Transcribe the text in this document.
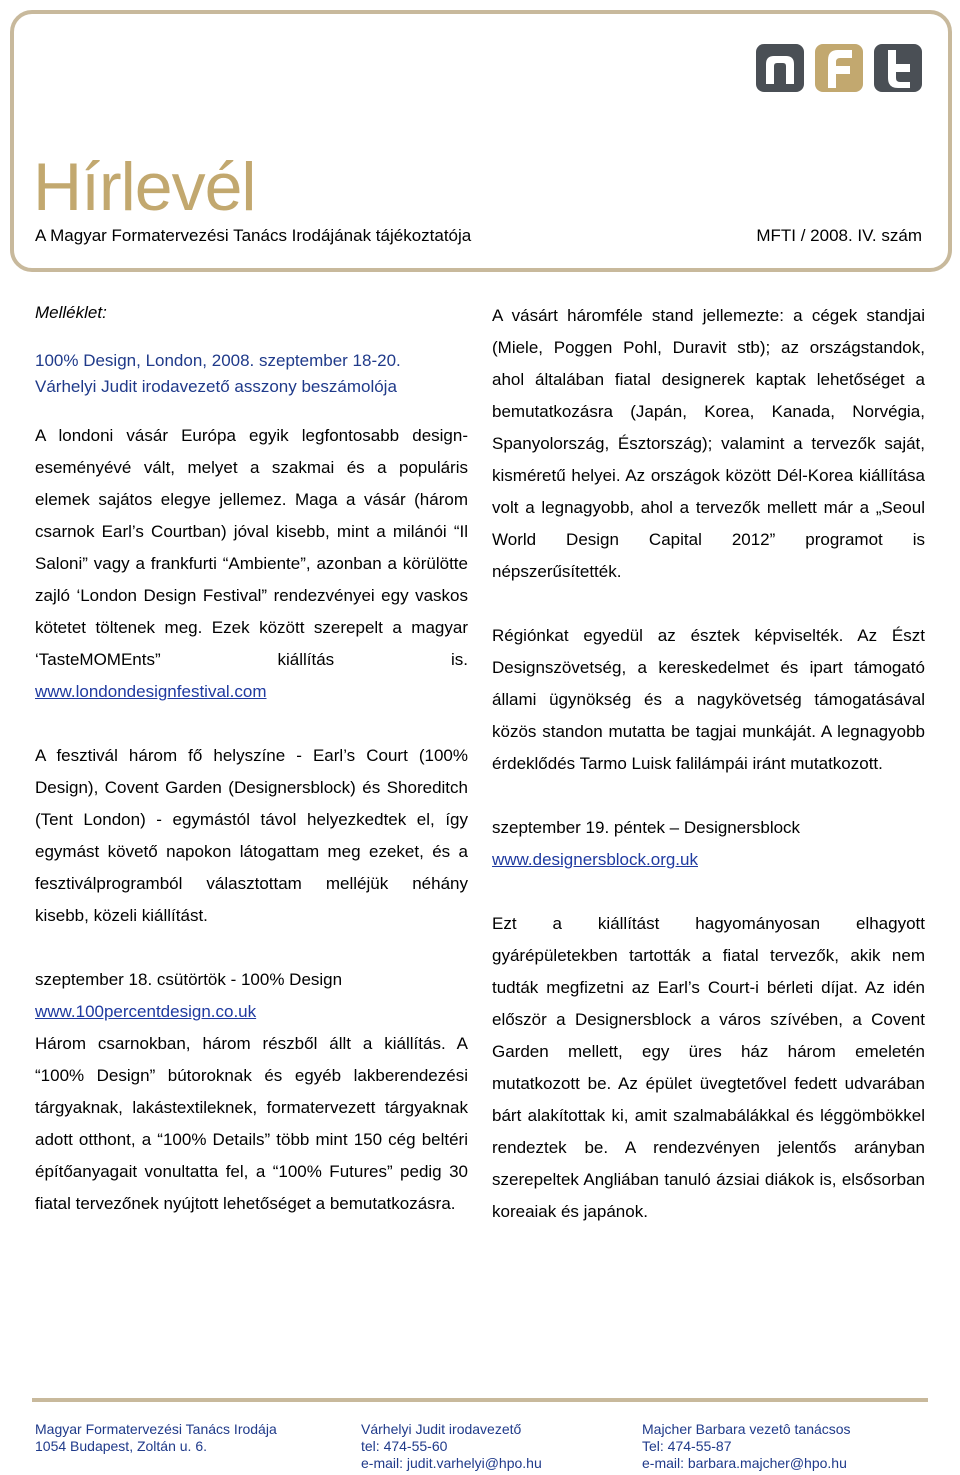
Hírlevél
A Magyar Formatervezési Tanács Irodájának tájékoztatója	MFTI / 2008. IV. szám

Melléklet:

100% Design, London, 2008. szeptember 18-20.
Várhelyi Judit irodavezető asszony beszámolója

A londoni vásár Európa egyik legfontosabb design-eseményévé vált, melyet a szakmai és a populáris elemek sajátos elegye jellemez. Maga a vásár (három csarnok Earl’s Courtban) jóval kisebb, mint a milánói “Il Saloni” vagy a frankfurti “Ambiente”, azonban a körülötte zajló ‘London Design Festival” rendezvényei egy vaskos kötetet töltenek meg. Ezek között szerepelt a magyar ‘TasteMOMEnts” kiállítás is. www.londondesignfestival.com

A fesztivál három fő helyszíne - Earl’s Court (100% Design), Covent Garden (Designersblock) és Shoreditch (Tent London) - egymástól távol helyezkedtek el, így egymást követő napokon látogattam meg ezeket, és a fesztiválprogramból választottam melléjük néhány kisebb, közeli kiállítást.

szeptember 18. csütörtök - 100% Design

www.100percentdesign.co.uk

Három csarnokban, három részből állt a kiállítás. A “100% Design” bútoroknak és egyéb lakberendezési tárgyaknak, lakástextileknek, formatervezett tárgyaknak adott otthont, a “100% Details” több mint 150 cég beltéri építőanyagait vonultatta fel, a “100% Futures” pedig 30 fiatal tervezőnek nyújtott lehetőséget a bemutatkozásra.

A vásárt háromféle stand jellemezte: a cégek standjai (Miele, Poggen Pohl, Duravit stb); az országstandok, ahol általában fiatal designerek kaptak lehetőséget a bemutatkozásra (Japán, Korea, Kanada, Norvégia, Spanyolország, Észtország); valamint a tervezők saját, kisméretű helyei. Az országok között Dél-Korea kiállítása volt a legnagyobb, ahol a tervezők mellett már a „Seoul World Design Capital 2012” programot is népszerűsítették.

Régiónkat egyedül az észtek képviselték. Az Észt Designszövetség, a kereskedelmet és ipart támogató állami ügynökség és a nagykövetség támogatásával közös standon mutatta be tagjai munkáját. A legnagyobb érdeklődés Tarmo Luisk falilámpái iránt mutatkozott.

szeptember 19. péntek – Designersblock

www.designersblock.org.uk

Ezt a kiállítást hagyományosan elhagyott gyárépületekben tartották a fiatal tervezők, akik nem tudták megfizetni az Earl’s Court-i bérleti díjat. Az idén először a Designersblock a város szívében, a Covent Garden mellett, egy üres ház három emeletén mutatkozott be. Az épület üvegtetővel fedett udvarában bárt alakítottak ki, amit szalmabálákkal és léggömbökkel rendeztek be. A rendezvényen jelentős arányban szerepeltek Angliában tanuló ázsiai diákok is, elsősorban koreaiak és japánok.

Magyar Formatervezési Tanács Irodája
1054 Budapest, Zoltán u. 6.
Várhelyi Judit irodavezető
tel: 474-55-60
e-mail: judit.varhelyi@hpo.hu
Majcher Barbara vezetô tanácsos
Tel: 474-55-87
e-mail: barbara.majcher@hpo.hu
